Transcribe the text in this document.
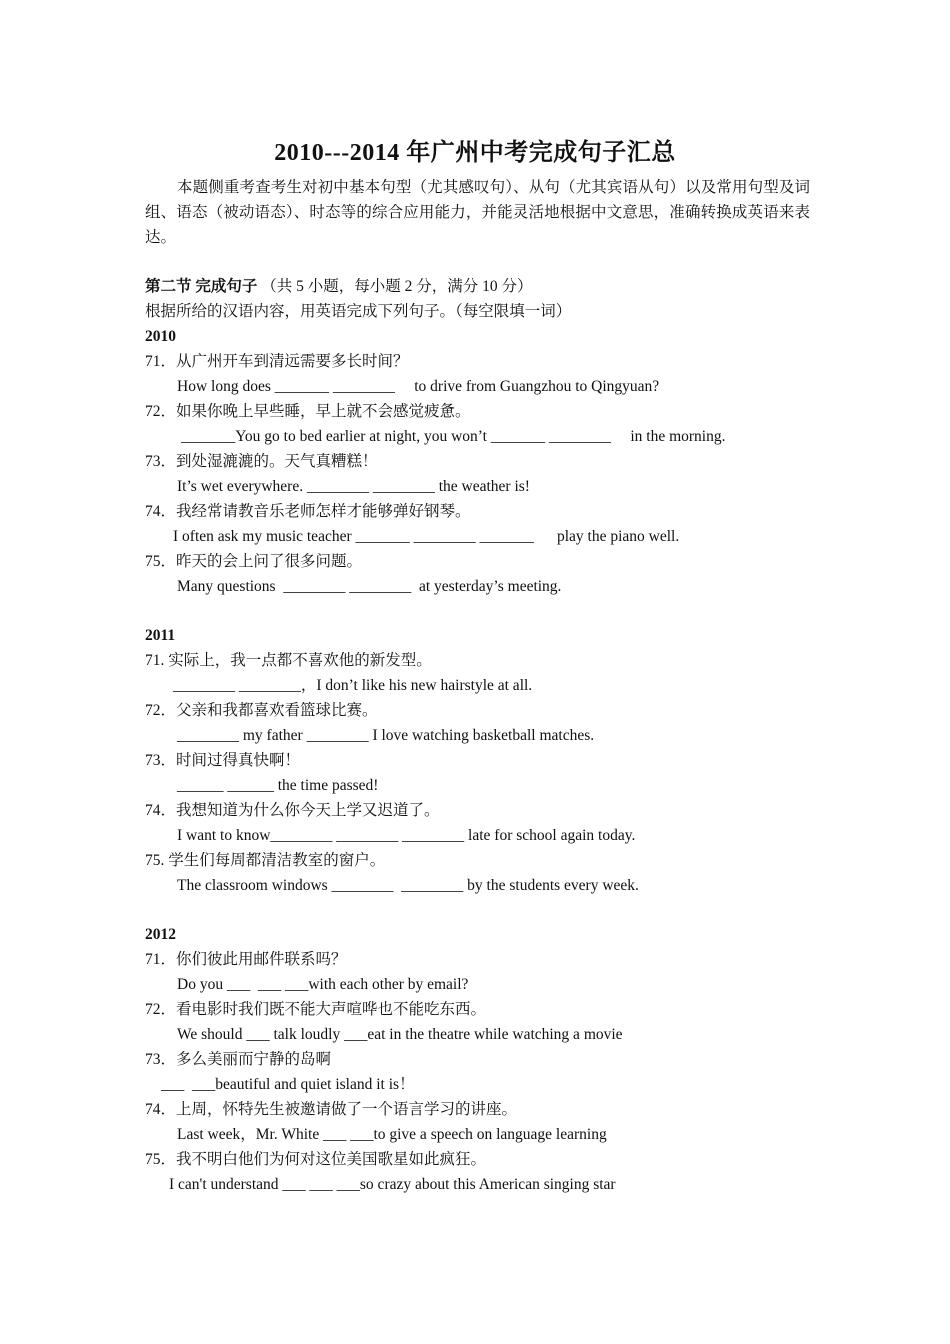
2010---2014 年广州中考完成句子汇总
本题侧重考查考生对初中基本句型（尤其感叹句）、从句（尤其宾语从句）以及常用句型及词组、语态（被动语态）、时态等的综合应用能力，并能灵活地根据中文意思，准确转换成英语来表达。
第二节 完成句子 （共 5 小题，每小题 2 分，满分 10 分）
根据所给的汉语内容，用英语完成下列句子。（每空限填一词）
2010
71．从广州开车到清远需要多长时间？
How long does _______ ________     to drive from Guangzhou to Qingyuan?
72．如果你晚上早些睡，早上就不会感觉疲惫。
_______You go to bed earlier at night, you won’t _______ ________     in the morning.
73．到处湿漉漉的。天气真糟糕！
It’s wet everywhere. ________ ________ the weather is!
74．我经常请教音乐老师怎样才能够弹好钢琴。
I often ask my music teacher _______ ________ _______      play the piano well.
75．昨天的会上问了很多问题。
Many questions  ________ ________  at yesterday’s meeting.
2011
71. 实际上，我一点都不喜欢他的新发型。
________ ________，I don’t like his new hairstyle at all.
72．父亲和我都喜欢看篮球比赛。
________ my father ________ I love watching basketball matches.
73．时间过得真快啊！
______ ______ the time passed!
74．我想知道为什么你今天上学又迟道了。
I want to know________ ________ ________ late for school again today.
75. 学生们每周都清洁教室的窗户。
The classroom windows ________  ________ by the students every week.
2012
71．你们彼此用邮件联系吗？
Do you ___  ___ ___with each other by email?
72．看电影时我们既不能大声喧哗也不能吃东西。
We should ___ talk loudly ___eat in the theatre while watching a movie
73．多么美丽而宁静的岛啊
___  ___beautiful and quiet island it is！
74．上周，怀特先生被邀请做了一个语言学习的讲座。
Last week，Mr. White ___ ___to give a speech on language learning
75．我不明白他们为何对这位美国歌星如此疯狂。
I can't understand ___ ___ ___so crazy about this American singing star
